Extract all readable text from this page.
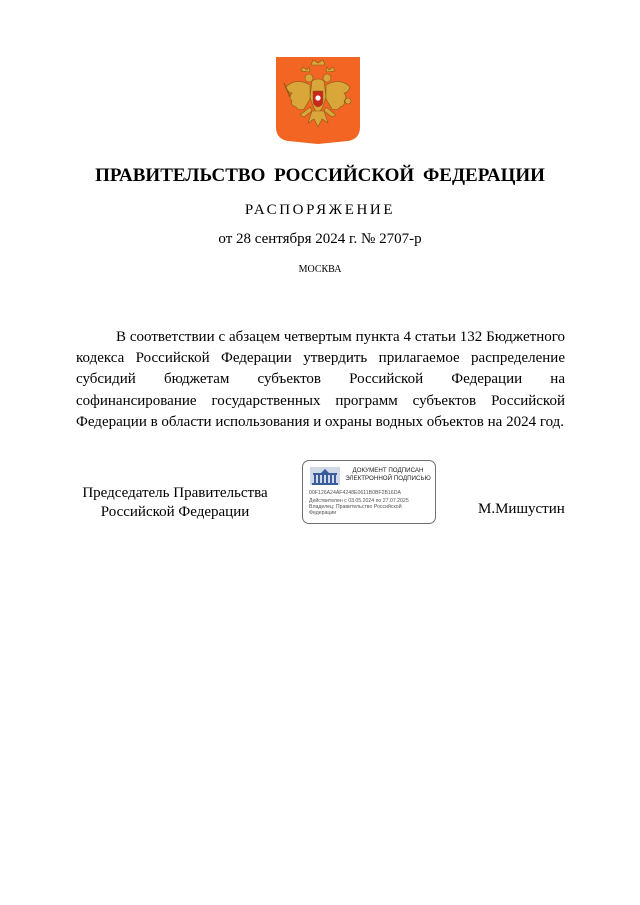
ПРАВИТЕЛЬСТВО РОССИЙСКОЙ ФЕДЕРАЦИИ
РАСПОРЯЖЕНИЕ
от 28 сентября 2024 г. № 2707-р
МОСКВА

В соответствии с абзацем четвертым пункта 4 статьи 132 Бюджетного кодекса Российской Федерации утвердить прилагаемое распределение субсидий бюджетам субъектов Российской Федерации на софинансирование государственных программ субъектов Российской Федерации в области использования и охраны водных объектов на 2024 год.

Председатель Правительства
Российской Федерации
ДОКУМЕНТ ПОДПИСАН
ЭЛЕКТРОННОЙ ПОДПИСЬЮ
00F126A24AF4248E0611B0BF2B16DA
Действителен с 03.05.2024 по 27.07.2025
Владелец: Правительство Российской Федерации	М.Мишустин
